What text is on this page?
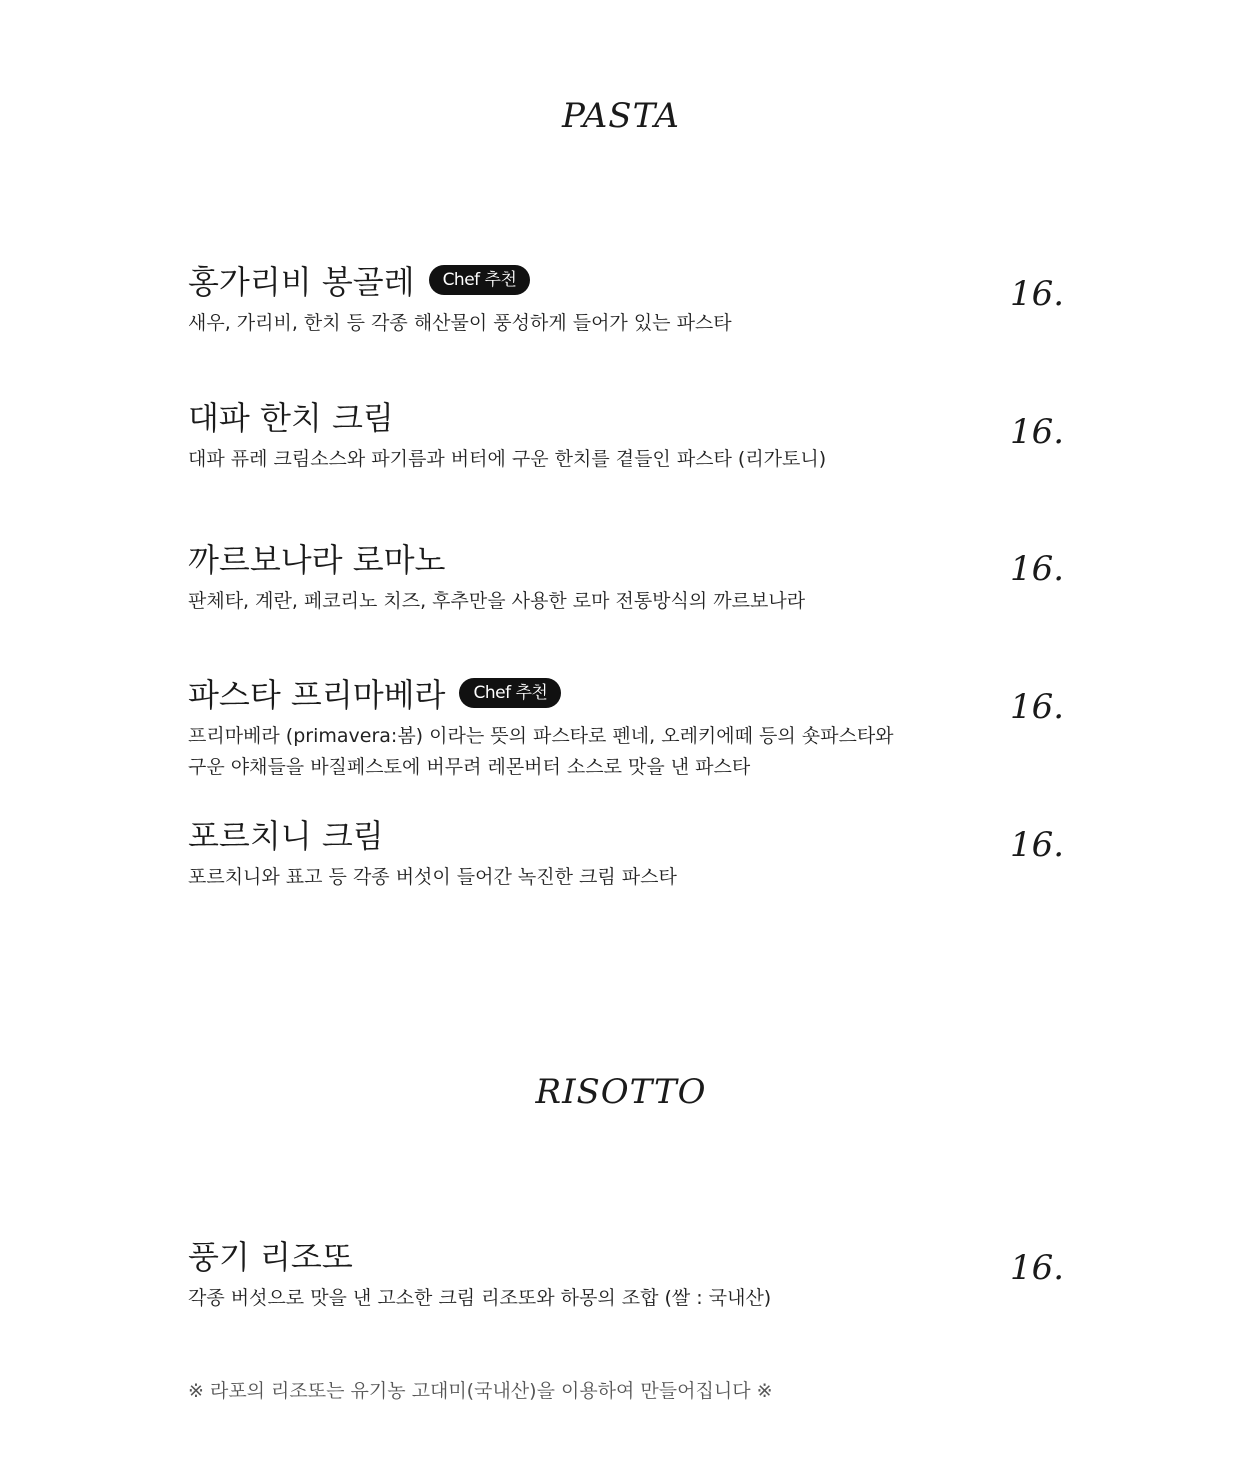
PASTA
홍가리비 봉골레	Chef 추천
새우, 가리비, 한치 등 각종 해산물이 풍성하게 들어가 있는 파스타
16.
대파 한치 크림
대파 퓨레 크림소스와 파기름과 버터에 구운 한치를 곁들인 파스타 (리가토니)
16.
까르보나라 로마노
판체타, 계란, 페코리노 치즈, 후추만을 사용한 로마 전통방식의 까르보나라
16.
파스타 프리마베라	Chef 추천
프리마베라 (primavera:봄) 이라는 뜻의 파스타로 펜네, 오레키에떼 등의 숏파스타와
구운 야채들을 바질페스토에 버무려 레몬버터 소스로 맛을 낸 파스타
16.
포르치니 크림
포르치니와 표고 등 각종 버섯이 들어간 녹진한 크림 파스타
16.
RISOTTO
풍기 리조또
각종 버섯으로 맛을 낸 고소한 크림 리조또와 하몽의 조합 (쌀 : 국내산)
16.
※ 라포의 리조또는 유기농 고대미(국내산)을 이용하여 만들어집니다 ※
